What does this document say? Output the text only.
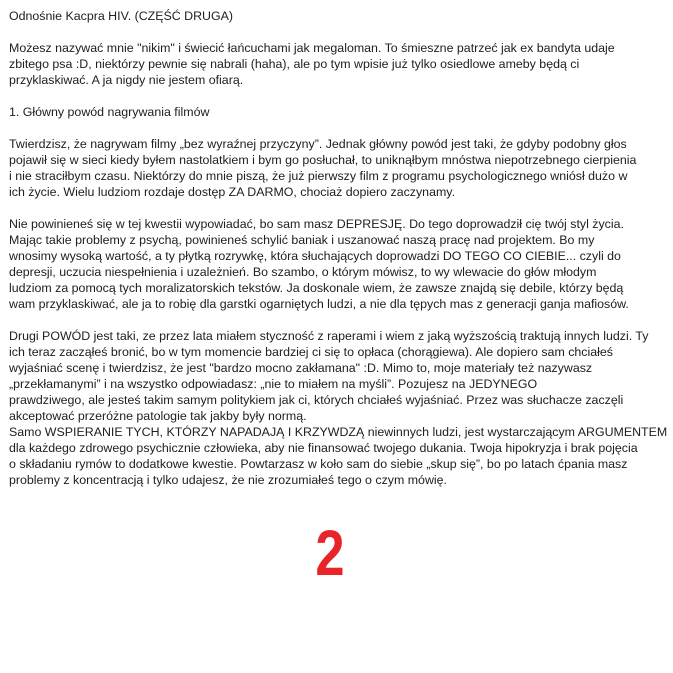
Odnośnie Kacpra HIV. (CZĘŚĆ DRUGA)

Możesz nazywać mnie "nikim" i świecić łańcuchami jak megaloman. To śmieszne patrzeć jak ex bandyta udaje
zbitego psa :D, niektórzy pewnie się nabrali (haha), ale po tym wpisie już tylko osiedlowe ameby będą ci
przyklaskiwać. A ja nigdy nie jestem ofiarą.

1. Główny powód nagrywania filmów

Twierdzisz, że nagrywam filmy „bez wyraźnej przyczyny”. Jednak główny powód jest taki, że gdyby podobny głos
pojawił się w sieci kiedy byłem nastolatkiem i bym go posłuchał, to uniknąłbym mnóstwa niepotrzebnego cierpienia
i nie straciłbym czasu. Niektórzy do mnie piszą, że już pierwszy film z programu psychologicznego wniósł dużo w
ich życie. Wielu ludziom rozdaje dostęp ZA DARMO, chociaż dopiero zaczynamy.

Nie powinieneś się w tej kwestii wypowiadać, bo sam masz DEPRESJĘ. Do tego doprowadził cię twój styl życia.
Mając takie problemy z psychą, powinieneś schylić baniak i uszanować naszą pracę nad projektem. Bo my
wnosimy wysoką wartość, a ty płytką rozrywkę, która słuchających doprowadzi DO TEGO CO CIEBIE... czyli do
depresji, uczucia niespełnienia i uzależnień. Bo szambo, o którym mówisz, to wy wlewacie do głów młodym
ludziom za pomocą tych moralizatorskich tekstów. Ja doskonale wiem, że zawsze znajdą się debile, którzy będą
wam przyklaskiwać, ale ja to robię dla garstki ogarniętych ludzi, a nie dla tępych mas z generacji ganja mafiosów.

Drugi POWÓD jest taki, ze przez lata miałem styczność z raperami i wiem z jaką wyższością traktują innych ludzi. Ty
ich teraz zacząłeś bronić, bo w tym momencie bardziej ci się to opłaca (chorągiewa). Ale dopiero sam chciałeś
wyjaśniać scenę i twierdzisz, że jest "bardzo mocno zakłamana" :D. Mimo to, moje materiały też nazywasz
„przekłamanymi” i na wszystko odpowiadasz: „nie to miałem na myśli”. Pozujesz na JEDYNEGO
prawdziwego, ale jesteś takim samym politykiem jak ci, których chciałeś wyjaśniać. Przez was słuchacze zaczęli
akceptować przeróżne patologie tak jakby były normą.

Samo WSPIERANIE TYCH, KTÓRZY NAPADAJĄ I KRZYWDZĄ niewinnych ludzi, jest wystarczającym ARGUMENTEM
dla każdego zdrowego psychicznie człowieka, aby nie finansować twojego dukania. Twoja hipokryzja i brak pojęcia
o składaniu rymów to dodatkowe kwestie. Powtarzasz w koło sam do siebie „skup się”, bo po latach ćpania masz
problemy z koncentracją i tylko udajesz, że nie zrozumiałeś tego o czym mówię.

2
